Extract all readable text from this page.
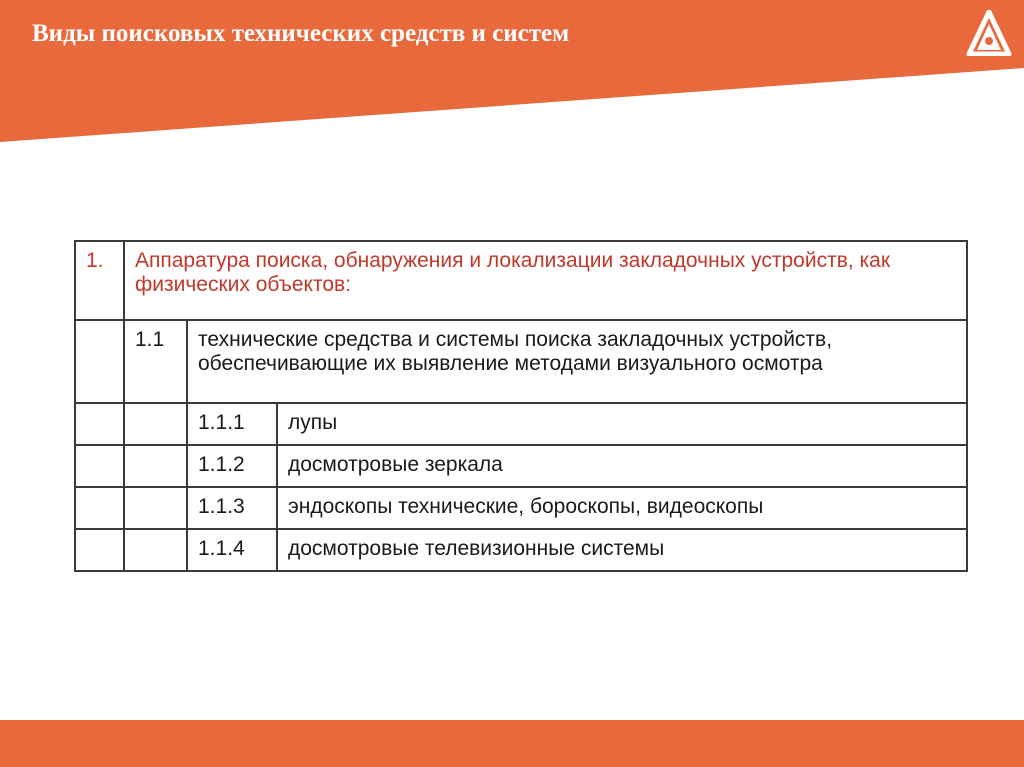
Виды поисковых технических средств и систем
1.	Аппаратура поиска, обнаружения и локализации закладочных устройств, как физических объектов:		
	1.1	технические средства и системы поиска закладочных устройств, обеспечивающие их выявление методами визуального осмотра	
		1.1.1	лупы
		1.1.2	досмотровые зеркала
		1.1.3	эндоскопы технические, бороскопы, видеоскопы
		1.1.4	досмотровые телевизионные системы
